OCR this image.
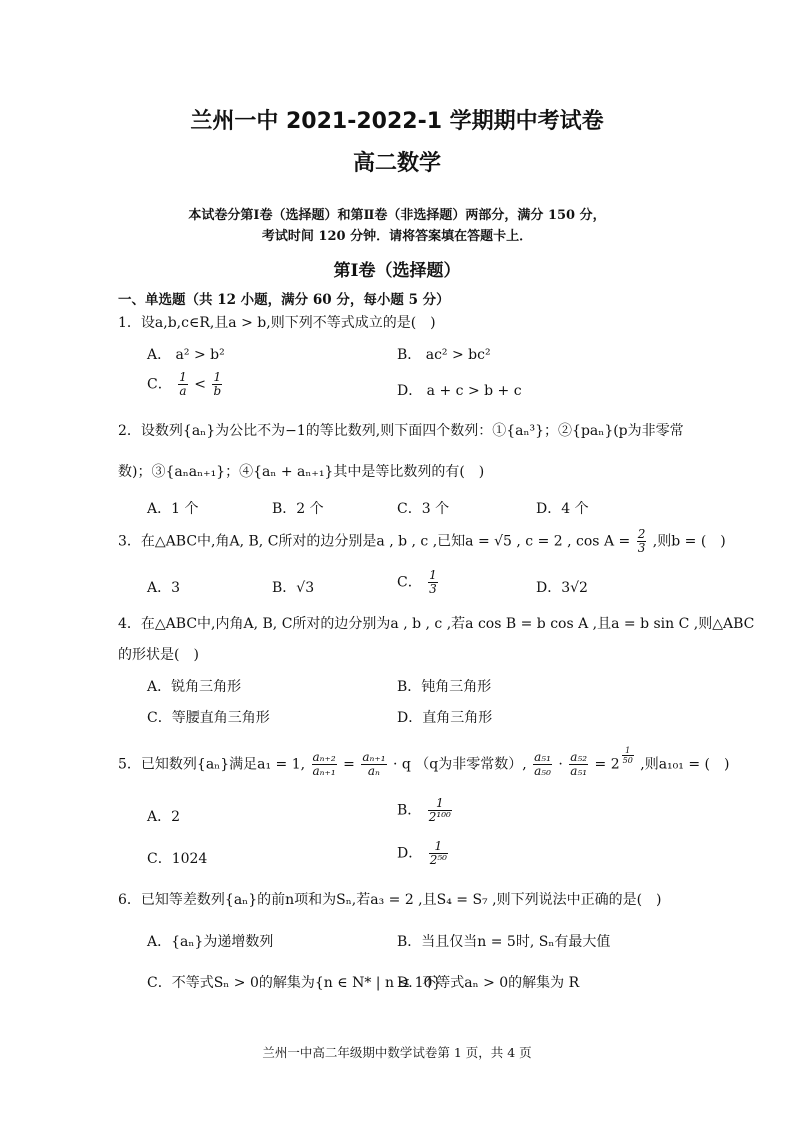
兰州一中 2021-2022-1 学期期中考试卷
高二数学
本试卷分第Ⅰ卷（选择题）和第Ⅱ卷（非选择题）两部分，满分 150 分，
考试时间 120 分钟．请将答案填在答题卡上．
第Ⅰ卷（选择题）
一、单选题（共 12 小题，满分 60 分，每小题 5 分）
1．设a,b,c∈R,且a > b,则下列不等式成立的是(　)
A． a² > b²	B． ac² > bc²
C． $\frac{1}{a} < \frac{1}{b}$	D． a + c > b + c
2．设数列{aₙ}为公比不为−1的等比数列,则下面四个数列：①{aₙ³}；②{paₙ}(p为非零常
数)；③{aₙaₙ₊₁}；④{aₙ + aₙ₊₁}其中是等比数列的有(　)
A．1 个	B．2 个	C．3 个	D．4 个
3．在△ABC中,角A, B, C所对的边分别是a , b , c ,已知a = √5 , c = 2 , $\cos A = \frac{2}{3}$ ,则b = (　)
A．3	B．√3	C． $\frac{1}{3}$	D．3√2
4．在△ABC中,内角A, B, C所对的边分别为a , b , c ,若a cos B = b cos A ,且a = b sin C ,则△ABC
的形状是(　)
A．锐角三角形	B．钝角三角形
C．等腰直角三角形	D．直角三角形
5．已知数列{aₙ}满足a₁ = 1, $\frac{\text{aₙ₊₂}}{\text{aₙ₊₁}} = \frac{\text{aₙ₊₁}}{\text{aₙ}} \cdot q$ （q为非零常数）, $\frac{\text{a₅₁}}{\text{a₅₀}} \cdot \frac{\text{a₅₂}}{\text{a₅₁}} = 2 \frac{1}{50}$ ,则a₁₀₁ = (　)
A．2	B． $\frac{1}{\text{2¹⁰⁰}}$
C．1024	D． $\frac{1}{\text{2⁵⁰}}$
6．已知等差数列{aₙ}的前n项和为Sₙ,若a₃ = 2 ,且S₄ = S₇ ,则下列说法中正确的是(　)
A．{aₙ}为递增数列	B．当且仅当n = 5时, Sₙ有最大值
C．不等式Sₙ > 0的解集为{n ∈ N* | n ≤ 10}
D．不等式aₙ > 0的解集为 R
兰州一中高二年级期中数学试卷第 1 页，共 4 页
